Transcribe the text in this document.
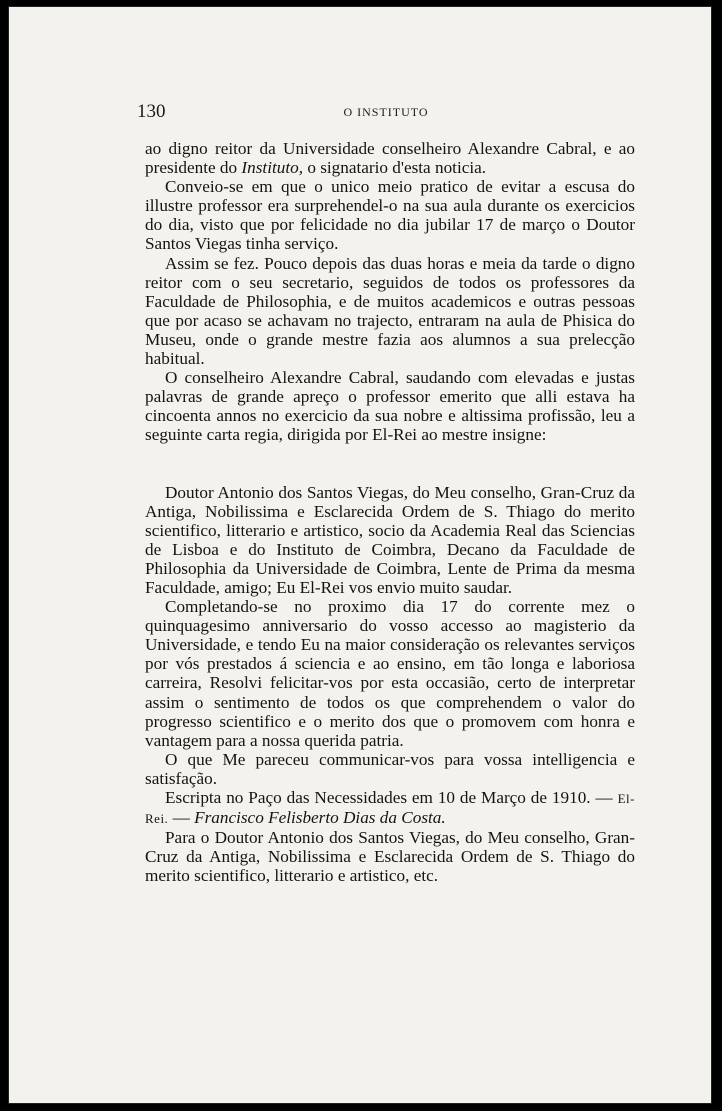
130	O INSTITUTO

ao digno reitor da Universidade conselheiro Alexandre Cabral, e ao presidente do Instituto, o signatario d'esta noticia.

Conveio-se em que o unico meio pratico de evitar a escusa do illustre professor era surprehendel-o na sua aula durante os exercicios do dia, visto que por felicidade no dia jubilar 17 de março o Doutor Santos Viegas tinha serviço.

Assim se fez. Pouco depois das duas horas e meia da tarde o digno reitor com o seu secretario, seguidos de todos os professores da Faculdade de Philosophia, e de muitos academicos e outras pessoas que por acaso se achavam no trajecto, entraram na aula de Phisica do Museu, onde o grande mestre fazia aos alumnos a sua prelecção habitual.

O conselheiro Alexandre Cabral, saudando com elevadas e justas palavras de grande apreço o professor emerito que alli estava ha cincoenta annos no exercicio da sua nobre e altissima profissão, leu a seguinte carta regia, dirigida por El-Rei ao mestre insigne:

Doutor Antonio dos Santos Viegas, do Meu conselho, Gran-Cruz da Antiga, Nobilissima e Esclarecida Ordem de S. Thiago do merito scientifico, litterario e artistico, socio da Academia Real das Sciencias de Lisboa e do Instituto de Coimbra, Decano da Faculdade de Philosophia da Universidade de Coimbra, Lente de Prima da mesma Faculdade, amigo; Eu El-Rei vos envio muito saudar.

Completando-se no proximo dia 17 do corrente mez o quinquagesimo anniversario do vosso accesso ao magisterio da Universidade, e tendo Eu na maior consideração os relevantes serviços por vós prestados á sciencia e ao ensino, em tão longa e laboriosa carreira, Resolvi felicitar-vos por esta occasião, certo de interpretar assim o sentimento de todos os que comprehendem o valor do progresso scientifico e o merito dos que o promovem com honra e vantagem para a nossa querida patria.

O que Me pareceu communicar-vos para vossa intelligencia e satisfação.

Escripta no Paço das Necessidades em 10 de Março de 1910. — El-Rei. — Francisco Felisberto Dias da Costa.

Para o Doutor Antonio dos Santos Viegas, do Meu conselho, Gran-Cruz da Antiga, Nobilissima e Esclarecida Ordem de S. Thiago do merito scientifico, litterario e artistico, etc.
